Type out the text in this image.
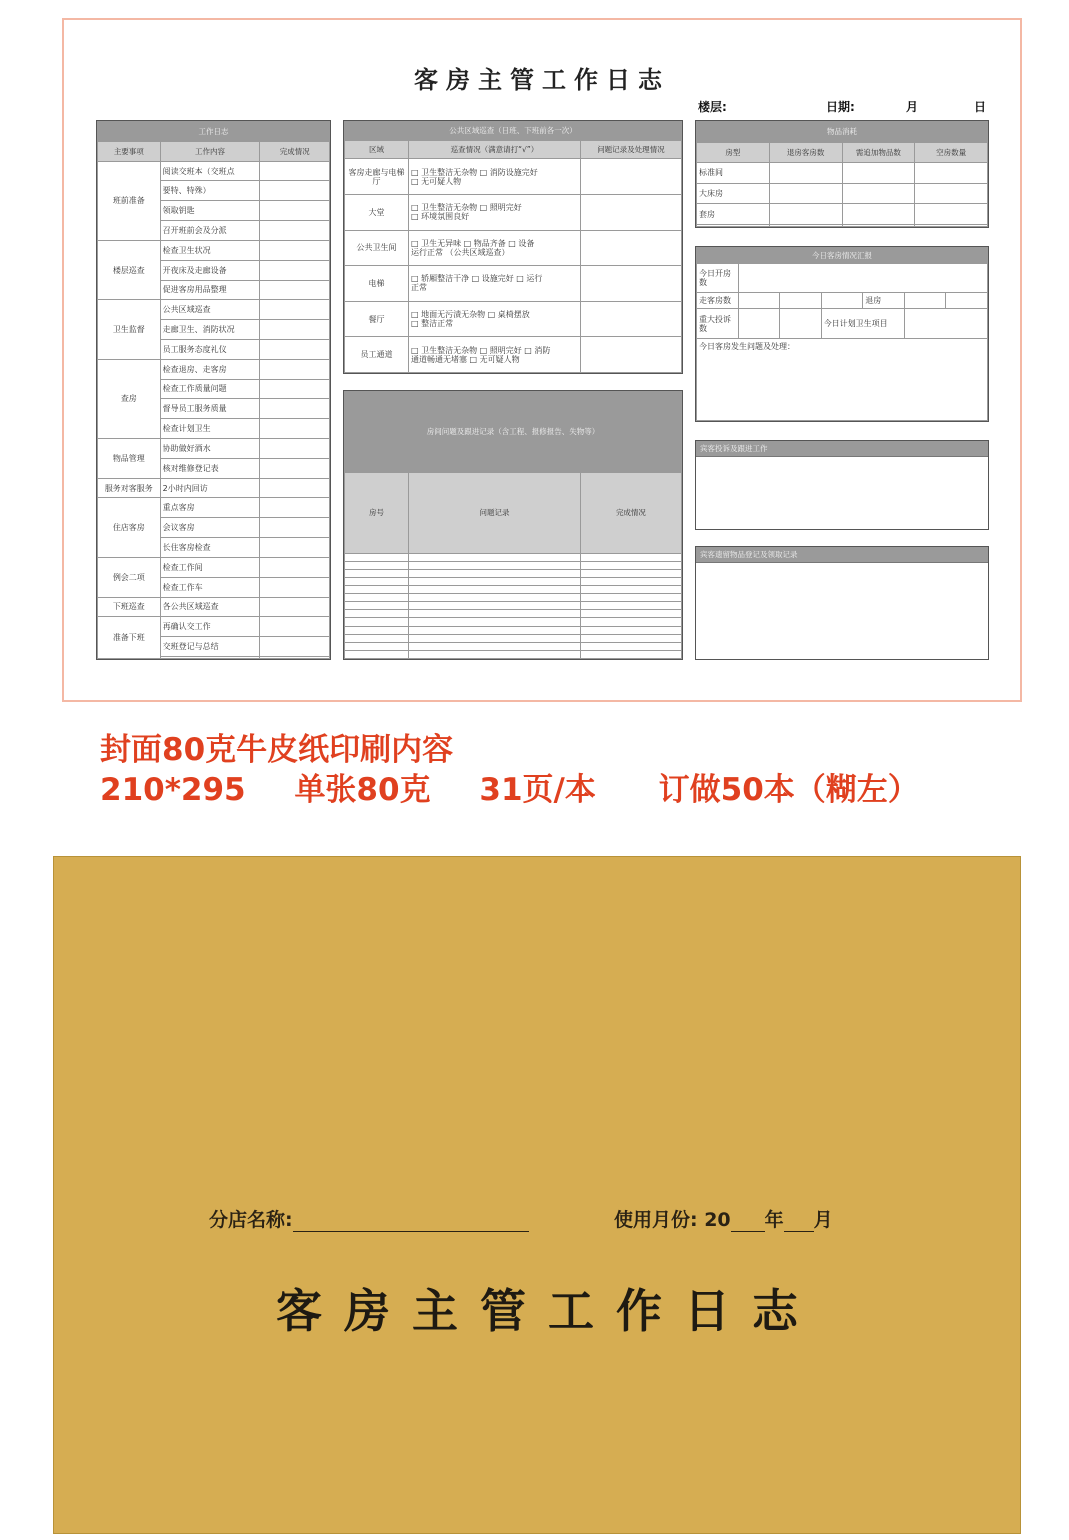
客房主管工作日志
楼层:	日期:	月	日
工作日志		
主要事项	工作内容	完成情况
班前准备	阅读交班本（交班点	
	要特、特殊）	
	领取钥匙	
	召开班前会及分派	
楼层巡查	检查卫生状况	
	开夜床及走廊设备	
	促进客房用品整理	
卫生监督	公共区域巡查	
	走廊卫生、消防状况	
	员工服务态度礼仪	
查房	检查退房、走客房	
	检查工作质量问题	
	督导员工服务质量	
	检查计划卫生	
物品管理	协助做好酒水	
	核对维修登记表	
服务对客服务	2小时内回访	
住店客房	重点客房	
	会议客房	
	长住客房检查	
例会二项	检查工作间	
	检查工作车	
下班巡查	各公共区域巡查	
准备下班	再确认交工作	
	交班登记与总结	

公共区域巡查（日班、下班前各一次）		
区域	巡查情况（满意请打“√”）	问题记录及处理情况
客房走廊与电梯厅	□ 卫生整洁无杂物 □ 消防设施完好
□ 无可疑人物	

大堂	□ 卫生整洁无杂物 □ 照明完好
□ 环境氛围良好	

公共卫生间	□ 卫生无异味 □ 物品齐备 □ 设备
运行正常 （公共区域巡查）	

电梯	□ 轿厢整洁干净 □ 设施完好 □ 运行
正常	

餐厅	□ 地面无污渍无杂物 □ 桌椅摆放
□ 整洁正常	

员工通道	□ 卫生整洁无杂物 □ 照明完好 □ 消防
通道畅通无堵塞 □ 无可疑人物	

房间问题及跟进记录（含工程、报修报告、失物等）		
房号	问题记录	完成情况

物品消耗			
房型	退房客房数	需追加物品数	空房数量
标准间			
大床房			
套房			

今日客房情况汇报						
今日开房数						
走客房数				退房		
重大投诉数			今日计划卫生项目			
今日客房发生问题及处理：						
宾客投诉及跟进工作
宾客遗留物品登记及领取记录
封面80克牛皮纸印刷内容
210*295 单张80克 31页/本 订做50本（糊左）
分店名称:	使用月份: 20 年 月
客房主管工作日志
